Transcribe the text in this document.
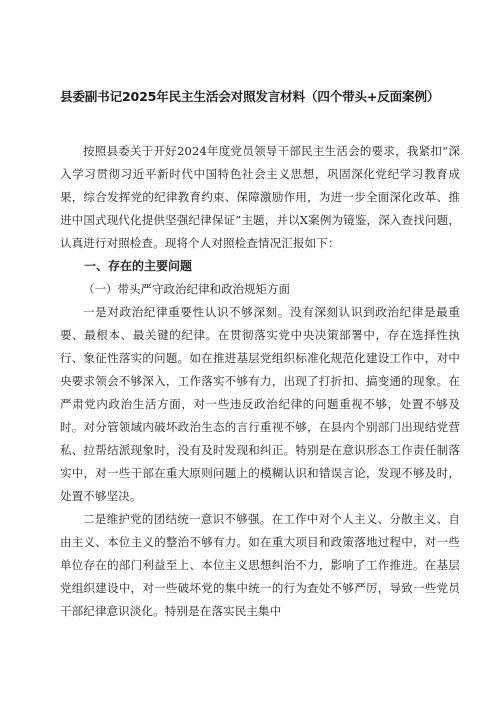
县委副书记2025年民主生活会对照发言材料（四个带头+反面案例）

按照县委关于开好2024年度党员领导干部民主生活会的要求，我紧扣“深入学习贯彻习近平新时代中国特色社会主义思想，巩固深化党纪学习教育成果，综合发挥党的纪律教育约束、保障激励作用，为进一步全面深化改革、推进中国式现代化提供坚强纪律保证”主题，并以X案例为镜鉴，深入查找问题，认真进行对照检查。现将个人对照检查情况汇报如下：

一、存在的主要问题

（一）带头严守政治纪律和政治规矩方面

一是对政治纪律重要性认识不够深刻。没有深刻认识到政治纪律是最重要、最根本、最关键的纪律。在贯彻落实党中央决策部署中，存在选择性执行、象征性落实的问题。如在推进基层党组织标准化规范化建设工作中，对中央要求领会不够深入，工作落实不够有力，出现了打折扣、搞变通的现象。在严肃党内政治生活方面，对一些违反政治纪律的问题重视不够，处置不够及时。对分管领域内破坏政治生态的言行重视不够，在县内个别部门出现结党营私、拉帮结派现象时，没有及时发现和纠正。特别是在意识形态工作责任制落实中，对一些干部在重大原则问题上的模糊认识和错误言论，发现不够及时，处置不够坚决。

二是维护党的团结统一意识不够强。在工作中对个人主义、分散主义、自由主义、本位主义的整治不够有力。如在重大项目和政策落地过程中，对一些单位存在的部门利益至上、本位主义思想纠治不力，影响了工作推进。在基层党组织建设中，对一些破坏党的集中统一的行为查处不够严厉，导致一些党员干部纪律意识淡化。特别是在落实民主集中
